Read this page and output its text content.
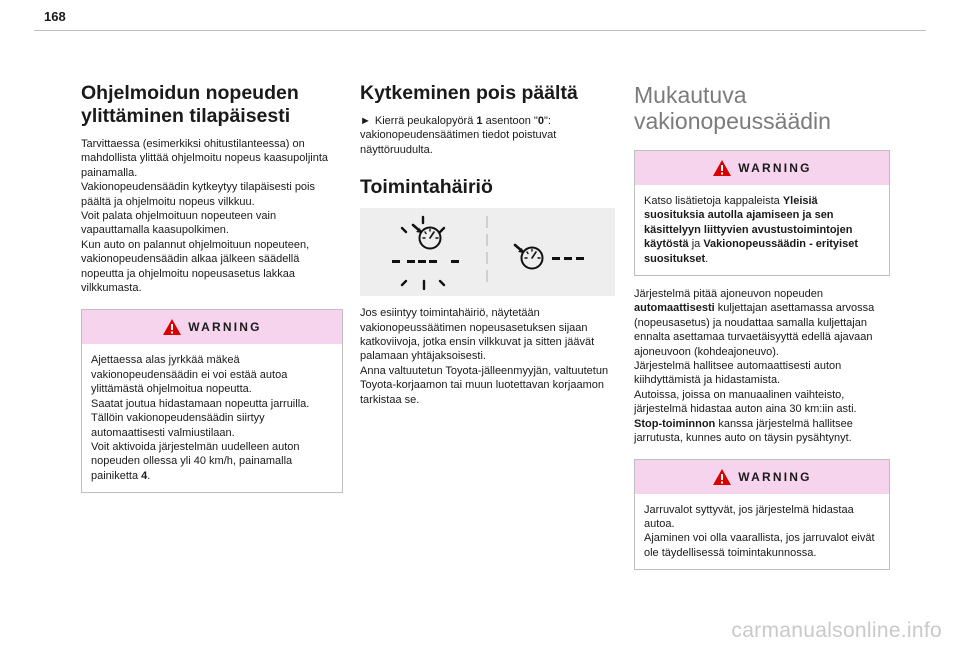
168
Ohjelmoidun nopeuden ylittäminen tilapäisesti

Tarvittaessa (esimerkiksi ohitustilanteessa) on mahdollista ylittää ohjelmoitu nopeus kaasupoljinta painamalla.
Vakionopeudensäädin kytkeytyy tilapäisesti pois päältä ja ohjelmoitu nopeus vilkkuu.
Voit palata ohjelmoituun nopeuteen vain vapauttamalla kaasupolkimen.
Kun auto on palannut ohjelmoituun nopeuteen, vakionopeudensäädin alkaa jälkeen säädellä nopeutta ja ohjelmoitu nopeusasetus lakkaa vilkkumasta.

WARNING

Ajettaessa alas jyrkkää mäkeä vakionopeudensäädin ei voi estää autoa ylittämästä ohjelmoitua nopeutta.
Saatat joutua hidastamaan nopeutta jarruilla. Tällöin vakionopeudensäädin siirtyy automaattisesti valmiustilaan.
Voit aktivoida järjestelmän uudelleen auton nopeuden ollessa yli 40 km/h, painamalla painiketta 4.

Kytkeminen pois päältä

► Kierrä peukalopyörä 1 asentoon "0": vakionopeudensäätimen tiedot poistuvat näyttöruudulta.

Toimintahäiriö

Jos esiintyy toimintahäiriö, näytetään vakionopeussäätimen nopeusasetuksen sijaan katkoviivoja, jotka ensin vilkkuvat ja sitten jäävät palamaan yhtäjaksoisesti.
Anna valtuutetun Toyota-jälleenmyyjän, valtuutetun Toyota-korjaamon tai muun luotettavan korjaamon tarkistaa se.

Mukautuva vakionopeussäädin
WARNING

Katso lisätietoja kappaleista Yleisiä suosituksia autolla ajamiseen ja sen käsittelyyn liittyvien avustustoimintojen käytöstä ja Vakionopeussäädin - erityiset suositukset.

Järjestelmä pitää ajoneuvon nopeuden automaattisesti kuljettajan asettamassa arvossa (nopeusasetus) ja noudattaa samalla kuljettajan ennalta asettamaa turvaetäisyyttä edellä ajavaan ajoneuvoon (kohdeajoneuvo).
Järjestelmä hallitsee automaattisesti auton kiihdyttämistä ja hidastamista.
Autoissa, joissa on manuaalinen vaihteisto, järjestelmä hidastaa auton aina 30 km:iin asti.
Stop-toiminnon kanssa järjestelmä hallitsee jarrutusta, kunnes auto on täysin pysähtynyt.

WARNING

Jarruvalot syttyvät, jos järjestelmä hidastaa autoa.
Ajaminen voi olla vaarallista, jos jarruvalot eivät ole täydellisessä toimintakunnossa.

carmanualsonline.info
